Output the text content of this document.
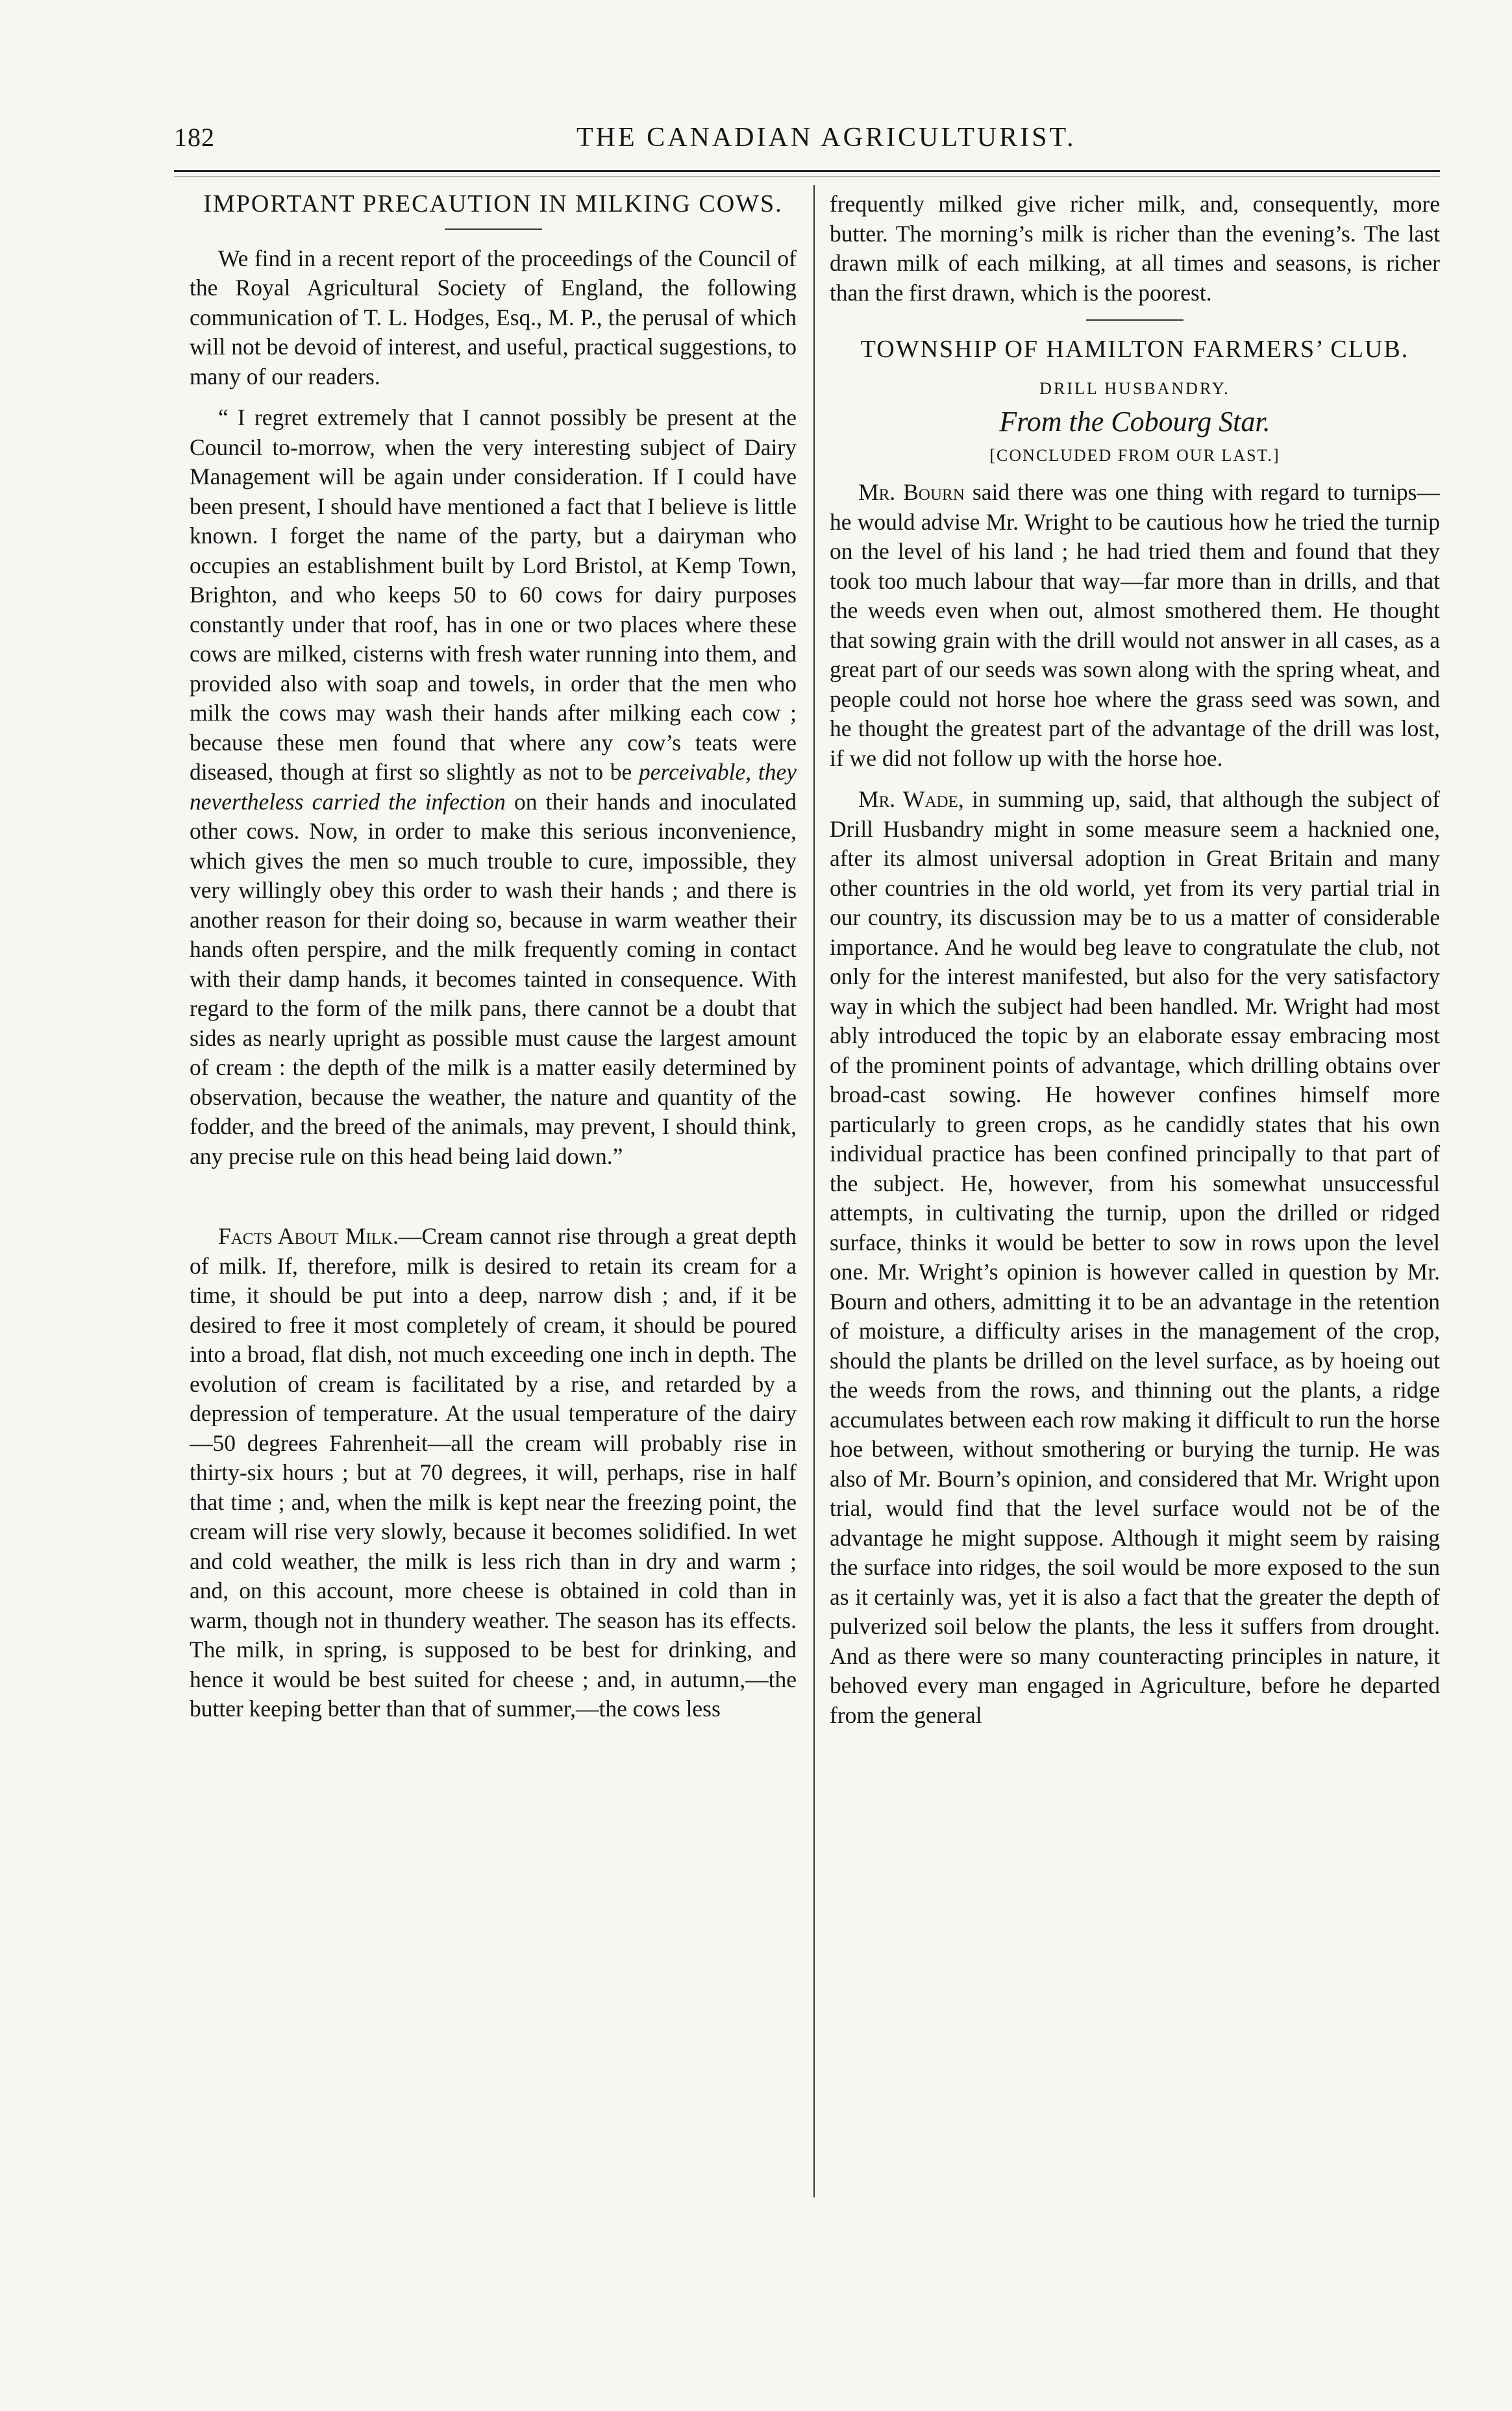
182	THE CANADIAN AGRICULTURIST.
IMPORTANT PRECAUTION IN MILKING COWS.

We find in a recent report of the proceedings of the Council of the Royal Agricultural Society of England, the following communication of T. L. Hodges, Esq., M. P., the perusal of which will not be devoid of interest, and useful, practical suggestions, to many of our readers.

“ I regret extremely that I cannot possibly be present at the Council to-morrow, when the very interesting subject of Dairy Management will be again under consideration. If I could have been present, I should have mentioned a fact that I believe is little known. I forget the name of the party, but a dairyman who occupies an establishment built by Lord Bristol, at Kemp Town, Brighton, and who keeps 50 to 60 cows for dairy purposes constantly under that roof, has in one or two places where these cows are milked, cisterns with fresh water running into them, and provided also with soap and towels, in order that the men who milk the cows may wash their hands after milking each cow ; because these men found that where any cow’s teats were diseased, though at first so slightly as not to be perceivable, they nevertheless carried the infection on their hands and inoculated other cows. Now, in order to make this serious inconvenience, which gives the men so much trouble to cure, impossible, they very willingly obey this order to wash their hands ; and there is another reason for their doing so, because in warm weather their hands often perspire, and the milk frequently coming in contact with their damp hands, it becomes tainted in consequence. With regard to the form of the milk pans, there cannot be a doubt that sides as nearly upright as possible must cause the largest amount of cream : the depth of the milk is a matter easily determined by observation, because the weather, the nature and quantity of the fodder, and the breed of the animals, may prevent, I should think, any precise rule on this head being laid down.”

Facts About Milk.—Cream cannot rise through a great depth of milk. If, therefore, milk is desired to retain its cream for a time, it should be put into a deep, narrow dish ; and, if it be desired to free it most completely of cream, it should be poured into a broad, flat dish, not much exceeding one inch in depth. The evolution of cream is facilitated by a rise, and retarded by a depression of temperature. At the usual temperature of the dairy—50 degrees Fahrenheit—all the cream will probably rise in thirty-six hours ; but at 70 degrees, it will, perhaps, rise in half that time ; and, when the milk is kept near the freezing point, the cream will rise very slowly, because it becomes solidified. In wet and cold weather, the milk is less rich than in dry and warm ; and, on this account, more cheese is obtained in cold than in warm, though not in thundery weather. The season has its effects. The milk, in spring, is supposed to be best for drinking, and hence it would be best suited for cheese ; and, in autumn,—the butter keeping better than that of summer,—the cows less

frequently milked give richer milk, and, consequently, more butter. The morning’s milk is richer than the evening’s. The last drawn milk of each milking, at all times and seasons, is richer than the first drawn, which is the poorest.

TOWNSHIP OF HAMILTON FARMERS’ CLUB.
DRILL HUSBANDRY.
From the Cobourg Star.
[CONCLUDED FROM OUR LAST.]

Mr. Bourn said there was one thing with regard to turnips—he would advise Mr. Wright to be cautious how he tried the turnip on the level of his land ; he had tried them and found that they took too much labour that way—far more than in drills, and that the weeds even when out, almost smothered them. He thought that sowing grain with the drill would not answer in all cases, as a great part of our seeds was sown along with the spring wheat, and people could not horse hoe where the grass seed was sown, and he thought the greatest part of the advantage of the drill was lost, if we did not follow up with the horse hoe.

Mr. Wade, in summing up, said, that although the subject of Drill Husbandry might in some measure seem a hacknied one, after its almost universal adoption in Great Britain and many other countries in the old world, yet from its very partial trial in our country, its discussion may be to us a matter of considerable importance. And he would beg leave to congratulate the club, not only for the interest manifested, but also for the very satisfactory way in which the subject had been handled. Mr. Wright had most ably introduced the topic by an elaborate essay embracing most of the prominent points of advantage, which drilling obtains over broad-cast sowing. He however confines himself more particularly to green crops, as he candidly states that his own individual practice has been confined principally to that part of the subject. He, however, from his somewhat unsuccessful attempts, in cultivating the turnip, upon the drilled or ridged surface, thinks it would be better to sow in rows upon the level one. Mr. Wright’s opinion is however called in question by Mr. Bourn and others, admitting it to be an advantage in the retention of moisture, a difficulty arises in the management of the crop, should the plants be drilled on the level surface, as by hoeing out the weeds from the rows, and thinning out the plants, a ridge accumulates between each row making it difficult to run the horse hoe between, without smothering or burying the turnip. He was also of Mr. Bourn’s opinion, and considered that Mr. Wright upon trial, would find that the level surface would not be of the advantage he might suppose. Although it might seem by raising the surface into ridges, the soil would be more exposed to the sun as it certainly was, yet it is also a fact that the greater the depth of pulverized soil below the plants, the less it suffers from drought. And as there were so many counteracting principles in nature, it behoved every man engaged in Agriculture, before he departed from the general
